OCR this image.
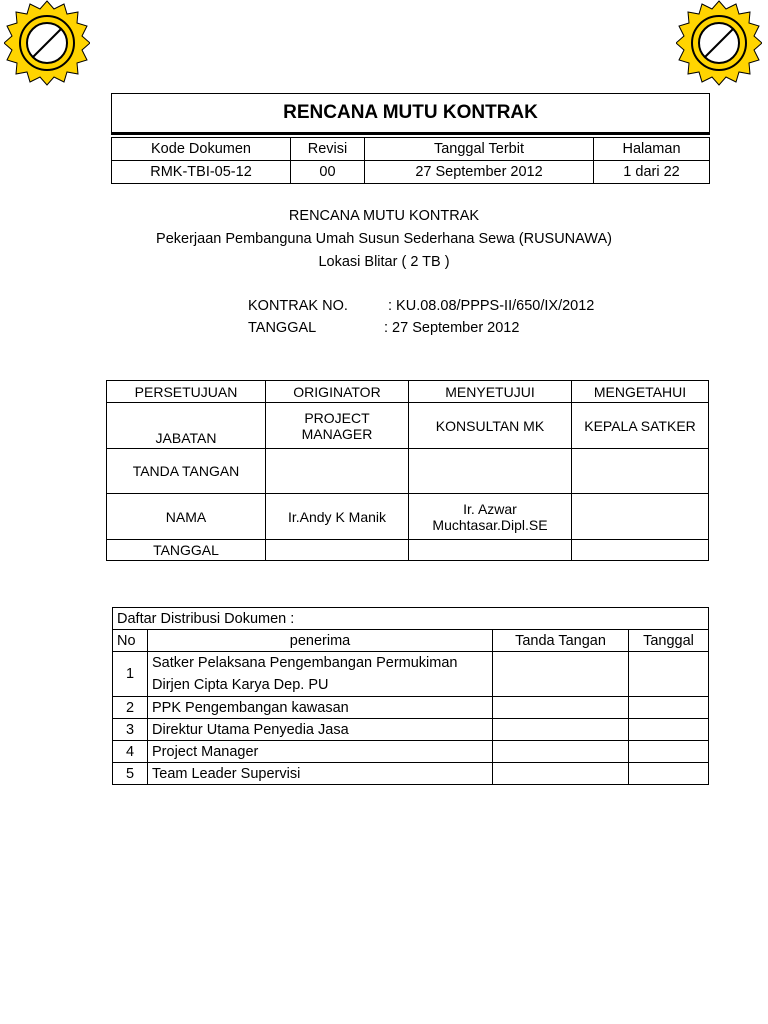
RENCANA MUTU KONTRAK
Kode Dokumen	Revisi	Tanggal Terbit	Halaman
RMK-TBI-05-12	00	27 September 2012	1 dari 22
RENCANA MUTU KONTRAK
Pekerjaan Pembanguna Umah Susun Sederhana Sewa (RUSUNAWA)
Lokasi Blitar ( 2 TB )
KONTRAK NO.	: KU.08.08/PPPS-II/650/IX/2012
TANGGAL	: 27 September 2012
PERSETUJUAN	ORIGINATOR	MENYETUJUI	MENGETAHUI
JABATAN	PROJECT MANAGER	KONSULTAN MK	KEPALA SATKER
TANDA TANGAN			
NAMA	Ir.Andy K Manik	Ir. Azwar Muchtasar.Dipl.SE	
TANGGAL			
Daftar Distribusi Dokumen :			
No	penerima	Tanda Tangan	Tanggal
1	Satker Pelaksana Pengembangan Permukiman Dirjen Cipta Karya Dep. PU		
2	PPK Pengembangan kawasan		
3	Direktur Utama Penyedia Jasa		
4	Project Manager		
5	Team Leader Supervisi		
